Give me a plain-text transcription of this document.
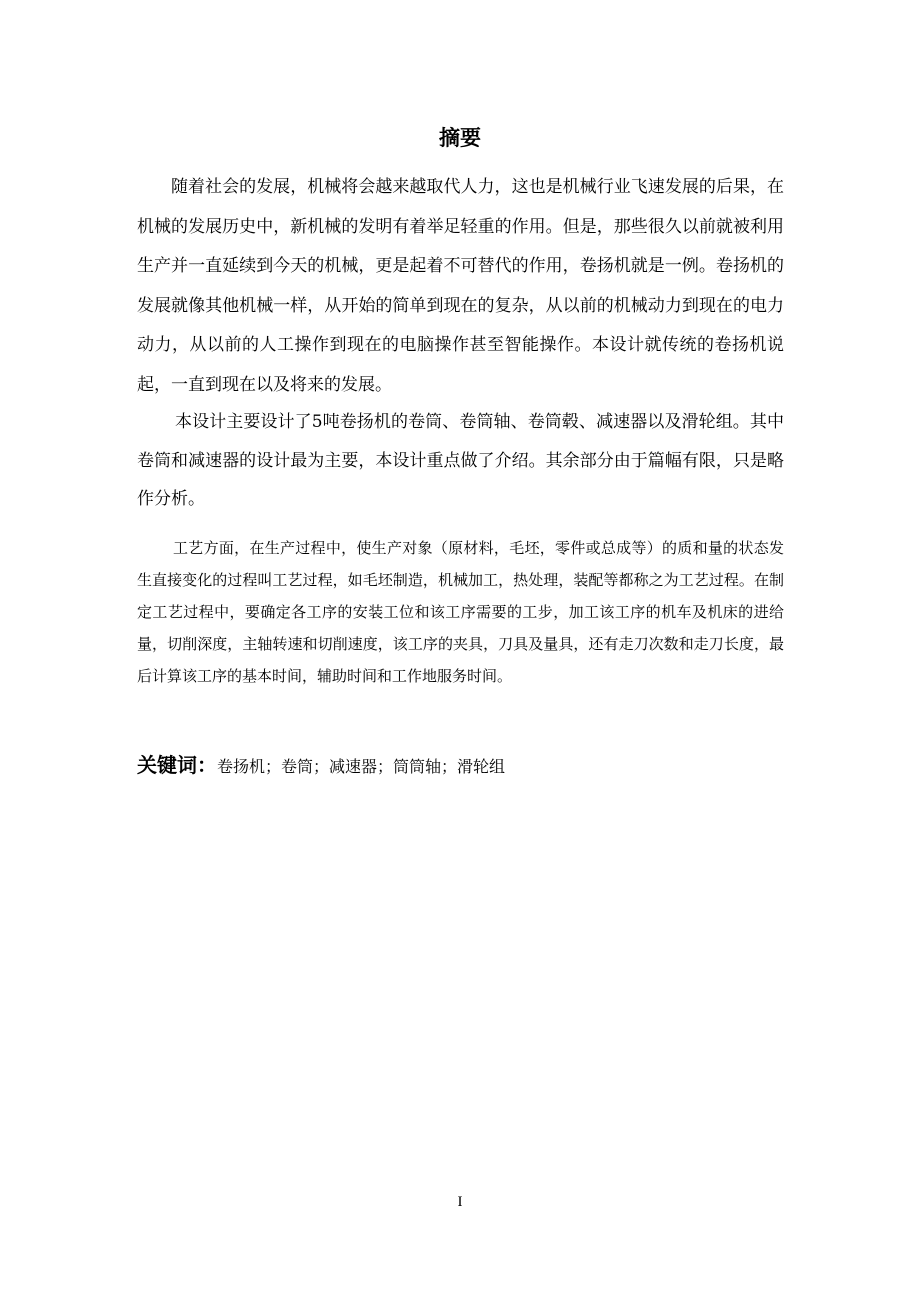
摘要

随着社会的发展，机械将会越来越取代人力，这也是机械行业飞速发展的后果，在机械的发展历史中，新机械的发明有着举足轻重的作用。但是，那些很久以前就被利用生产并一直延续到今天的机械，更是起着不可替代的作用，卷扬机就是一例。卷扬机的发展就像其他机械一样，从开始的简单到现在的复杂，从以前的机械动力到现在的电力动力，从以前的人工操作到现在的电脑操作甚至智能操作。本设计就传统的卷扬机说起，一直到现在以及将来的发展。

本设计主要设计了5吨卷扬机的卷筒、卷筒轴、卷筒毂、减速器以及滑轮组。其中卷筒和减速器的设计最为主要，本设计重点做了介绍。其余部分由于篇幅有限，只是略作分析。

工艺方面，在生产过程中，使生产对象（原材料，毛坯，零件或总成等）的质和量的状态发生直接变化的过程叫工艺过程，如毛坯制造，机械加工，热处理，装配等都称之为工艺过程。在制定工艺过程中，要确定各工序的安装工位和该工序需要的工步，加工该工序的机车及机床的进给量，切削深度，主轴转速和切削速度，该工序的夹具，刀具及量具，还有走刀次数和走刀长度，最后计算该工序的基本时间，辅助时间和工作地服务时间。

关键词：卷扬机；卷筒；减速器；筒筒轴；滑轮组

I
